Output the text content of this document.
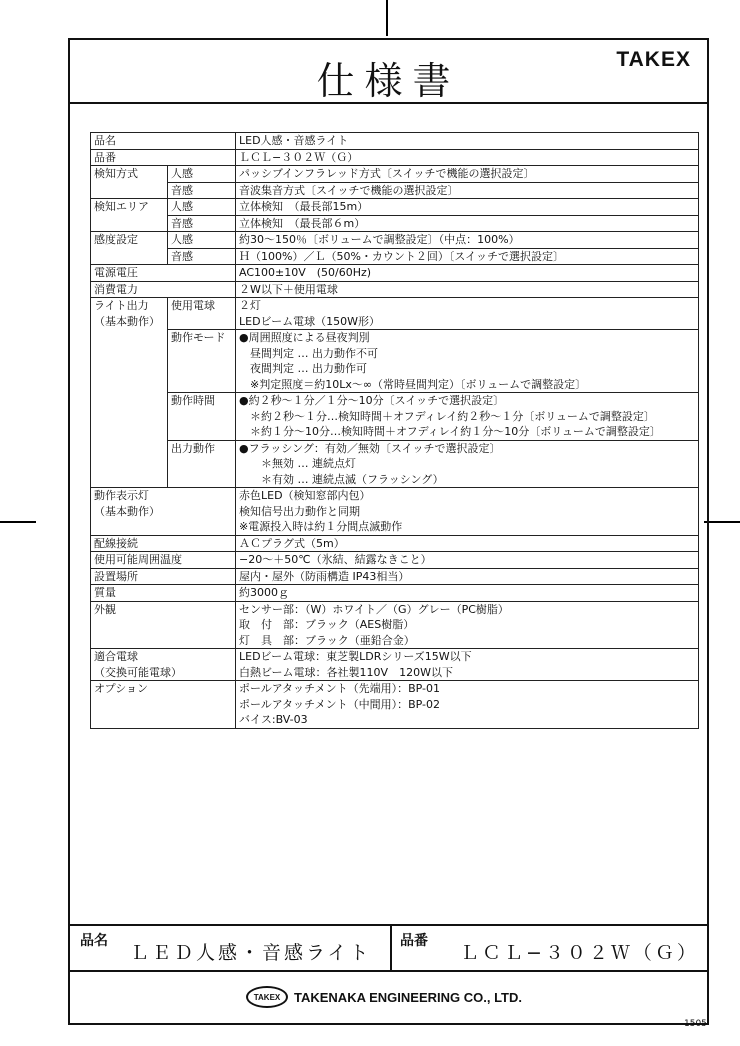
仕様書	TAKEX
品名		LED人感・音感ライト

品番		ＬＣＬ−３０２Ｗ（Ｇ）

検知方式	人感	パッシブインフラレッド方式〔スイッチで機能の選択設定〕

	音感	音波集音方式〔スイッチで機能の選択設定〕

検知エリア	人感	立体検知　（最長部15m）

	音感	立体検知　（最長部６m）

感度設定	人感	約30〜150％〔ボリュームで調整設定〕（中点：100%）

	音感	Ｈ（100%）／Ｌ（50%・カウント２回）〔スイッチで選択設定〕

電源電圧		AC100±10V　(50/60Hz)

消費電力		２W以下＋使用電球

ライト出力
（基本動作）	使用電球	２灯
LEDビーム電球（150W形）

	動作モード	●周囲照度による昼夜判別
　昼間判定 … 出力動作不可
　夜間判定 … 出力動作可
　※判定照度＝約10Lx〜∞（常時昼間判定）〔ボリュームで調整設定〕

	動作時間	●約２秒〜１分／１分〜10分〔スイッチで選択設定〕
　＊約２秒〜１分…検知時間＋オフディレイ約２秒〜１分〔ボリュームで調整設定〕
　＊約１分〜10分…検知時間＋オフディレイ約１分〜10分〔ボリュームで調整設定〕

	出力動作	●フラッシング：有効／無効〔スイッチで選択設定〕
　　＊無効 … 連続点灯
　　＊有効 … 連続点滅（フラッシング）

動作表示灯
（基本動作）		赤色LED（検知窓部内包）
検知信号出力動作と同期
※電源投入時は約１分間点滅動作

配線接続		ＡＣプラグ式（5m）

使用可能周囲温度		−20〜＋50℃（氷結、結露なきこと）

設置場所		屋内・屋外（防雨構造 IP43相当）

質量		約3000ｇ

外観		センサー部：（W）ホワイト／（G）グレー（PC樹脂）
取　付　部：ブラック（AES樹脂）
灯　具　部：ブラック（亜鉛合金）

適合電球
（交換可能電球）		LEDビーム電球：東芝製LDRシリーズ15W以下
白熱ビーム電球：各社製110V　120W以下

オプション		ポールアタッチメント（先端用）：BP-01
ポールアタッチメント（中間用）：BP-02
バイス:BV-03
品名
ＬＥＤ人感・音感ライト
品番
ＬＣＬ−３０２Ｗ（Ｇ）
TAKEX	TAKENAKA ENGINEERING CO., LTD.
1505
